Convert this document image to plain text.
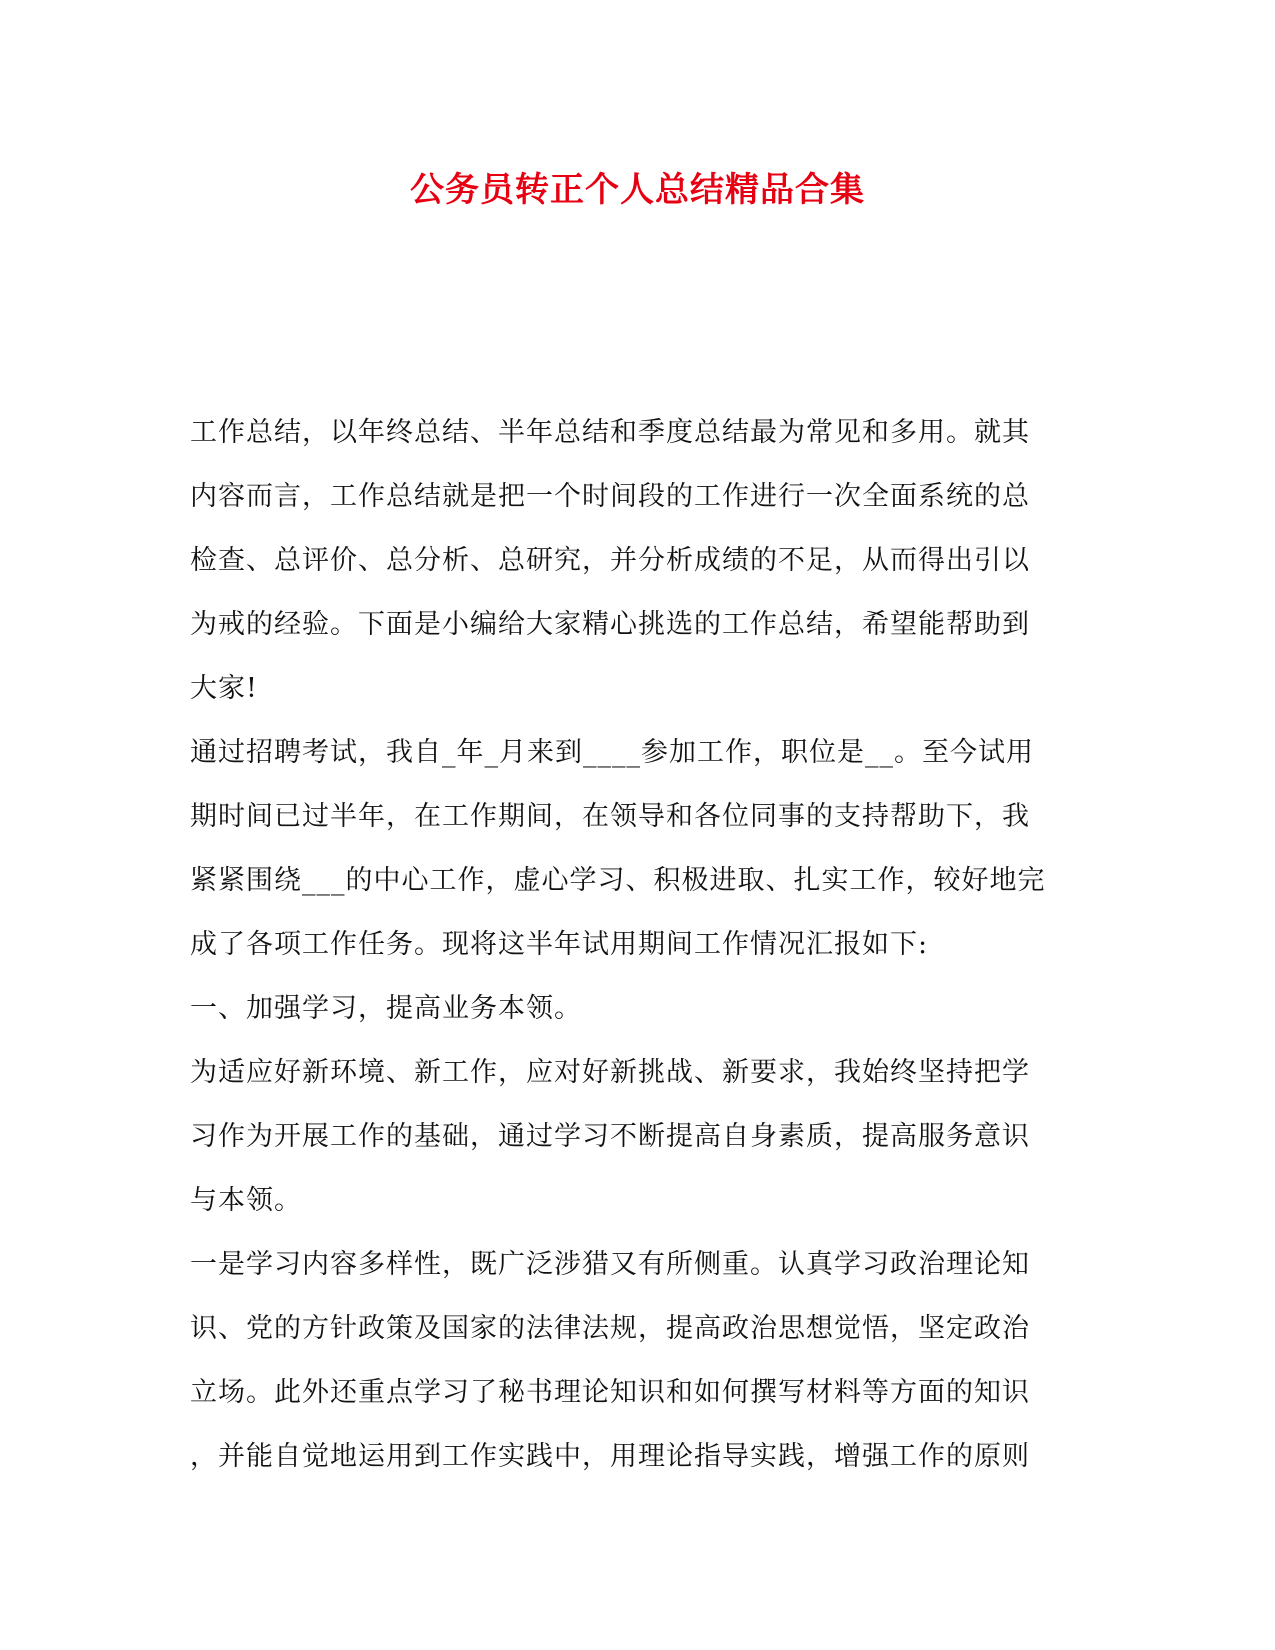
公务员转正个人总结精品合集

工作总结，以年终总结、半年总结和季度总结最为常见和多用。就其

内容而言，工作总结就是把一个时间段的工作进行一次全面系统的总

检查、总评价、总分析、总研究，并分析成绩的不足，从而得出引以

为戒的经验。下面是小编给大家精心挑选的工作总结，希望能帮助到

大家!

通过招聘考试，我自_年_月来到____参加工作，职位是__。至今试用

期时间已过半年，在工作期间，在领导和各位同事的支持帮助下，我

紧紧围绕___的中心工作，虚心学习、积极进取、扎实工作，较好地完

成了各项工作任务。现将这半年试用期间工作情况汇报如下:

一、加强学习，提高业务本领。

为适应好新环境、新工作，应对好新挑战、新要求，我始终坚持把学

习作为开展工作的基础，通过学习不断提高自身素质，提高服务意识

与本领。

一是学习内容多样性，既广泛涉猎又有所侧重。认真学习政治理论知

识、党的方针政策及国家的法律法规，提高政治思想觉悟，坚定政治

立场。此外还重点学习了秘书理论知识和如何撰写材料等方面的知识

，并能自觉地运用到工作实践中，用理论指导实践，增强工作的原则
